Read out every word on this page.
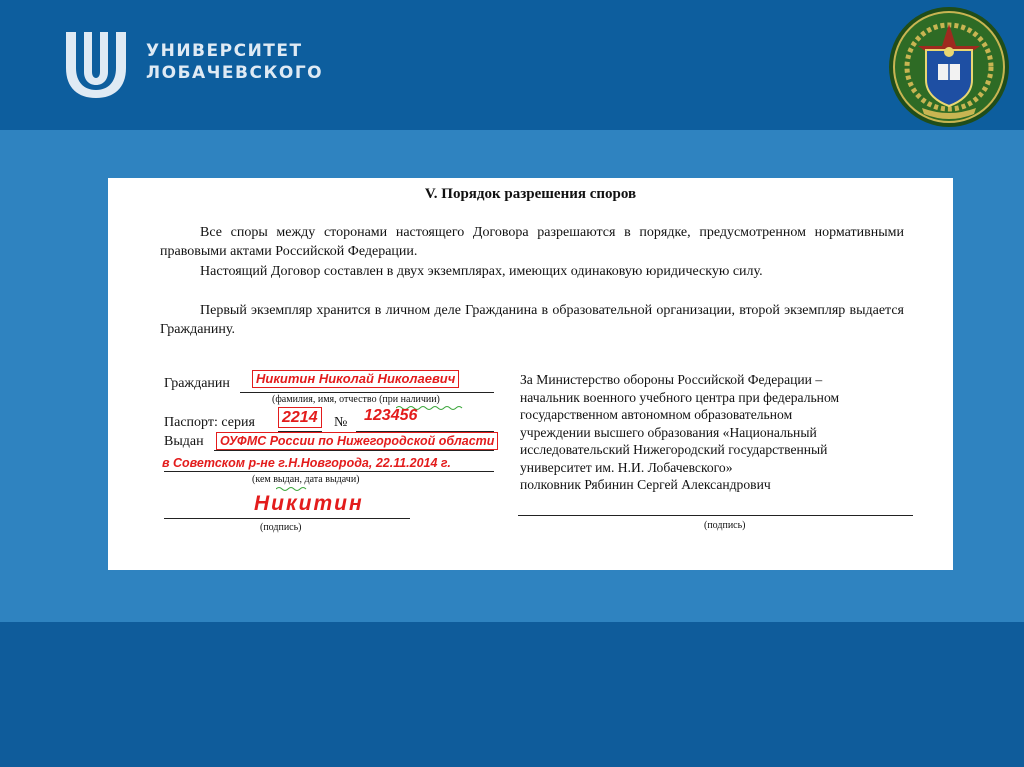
УНИВЕРСИТЕТ
ЛОБАЧЕВСКОГО
V. Порядок разрешения споров
Все споры между сторонами настоящего Договора разрешаются в порядке, предусмотренном нормативными правовыми актами Российской Федерации.
Настоящий Договор составлен в двух экземплярах, имеющих одинаковую юридическую силу.
Первый экземпляр хранится в личном деле Гражданина в образовательной организации, второй экземпляр выдается Гражданину.
Гражданин	Никитин Николай Николаевич
(фамилия, имя, отчество (при наличии)
Паспорт: серия 2214 № 123456
Выдан	ОУФМС России по Нижегородской области
в Советском р-не г.Н.Новгорода, 22.11.2014 г.
(кем выдан, дата выдачи)
Никитин
(подпись)
За Министерство обороны Российской Федерации –
начальник военного учебного центра при федеральном
государственном автономном образовательном
учреждении высшего образования «Национальный
исследовательский Нижегородский государственный
университет им. Н.И. Лобачевского»
полковник Рябинин Сергей Александрович
(подпись)
